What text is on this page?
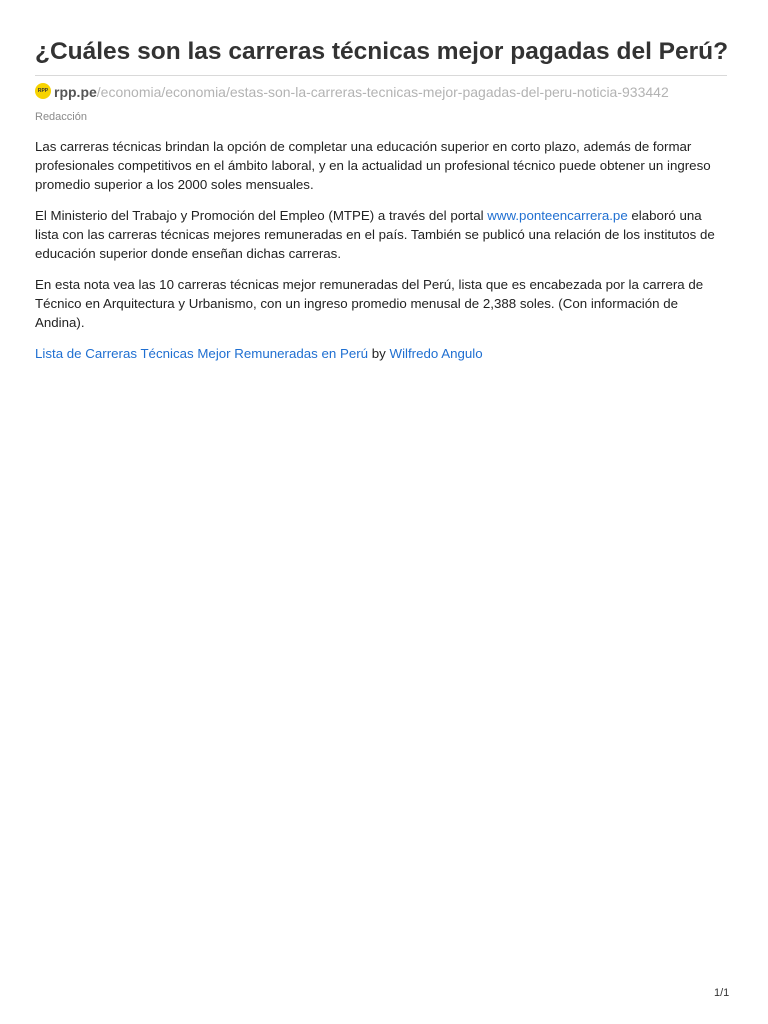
¿Cuáles son las carreras técnicas mejor pagadas del Perú?
RPP rpp.pe /economia/economia/estas-son-la-carreras-tecnicas-mejor-pagadas-del-peru-noticia-933442
Redacción

Las carreras técnicas brindan la opción de completar una educación superior en corto plazo, además de formar
profesionales competitivos en el ámbito laboral, y en la actualidad un profesional técnico puede obtener un ingreso
promedio superior a los 2000 soles mensuales.

El Ministerio del Trabajo y Promoción del Empleo (MTPE) a través del portal www.ponteencarrera.pe elaboró una
lista con las carreras técnicas mejores remuneradas en el país. También se publicó una relación de los institutos de
educación superior donde enseñan dichas carreras.

En esta nota vea las 10 carreras técnicas mejor remuneradas del Perú, lista que es encabezada por la carrera de
Técnico en Arquitectura y Urbanismo, con un ingreso promedio menusal de 2,388 soles. (Con información de
Andina).

Lista de Carreras Técnicas Mejor Remuneradas en Perú by Wilfredo Angulo

1/1
